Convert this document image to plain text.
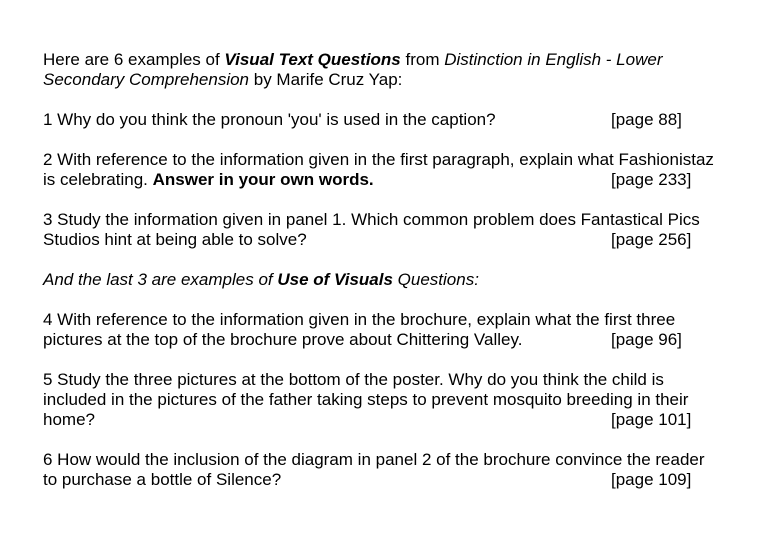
Here are 6 examples of Visual Text Questions from Distinction in English - Lower
Secondary Comprehension by Marife Cruz Yap:
1 Why do you think the pronoun 'you' is used in the caption?	[page 88]
2 With reference to the information given in the first paragraph, explain what Fashionistaz
is celebrating. Answer in your own words.	[page 233]
3 Study the information given in panel 1. Which common problem does Fantastical Pics
Studios hint at being able to solve?	[page 256]
And the last 3 are examples of Use of Visuals Questions:
4 With reference to the information given in the brochure, explain what the first three
pictures at the top of the brochure prove about Chittering Valley.	[page 96]
5 Study the three pictures at the bottom of the poster. Why do you think the child is
included in the pictures of the father taking steps to prevent mosquito breeding in their
home?	[page 101]
6 How would the inclusion of the diagram in panel 2 of the brochure convince the reader
to purchase a bottle of Silence?	[page 109]
